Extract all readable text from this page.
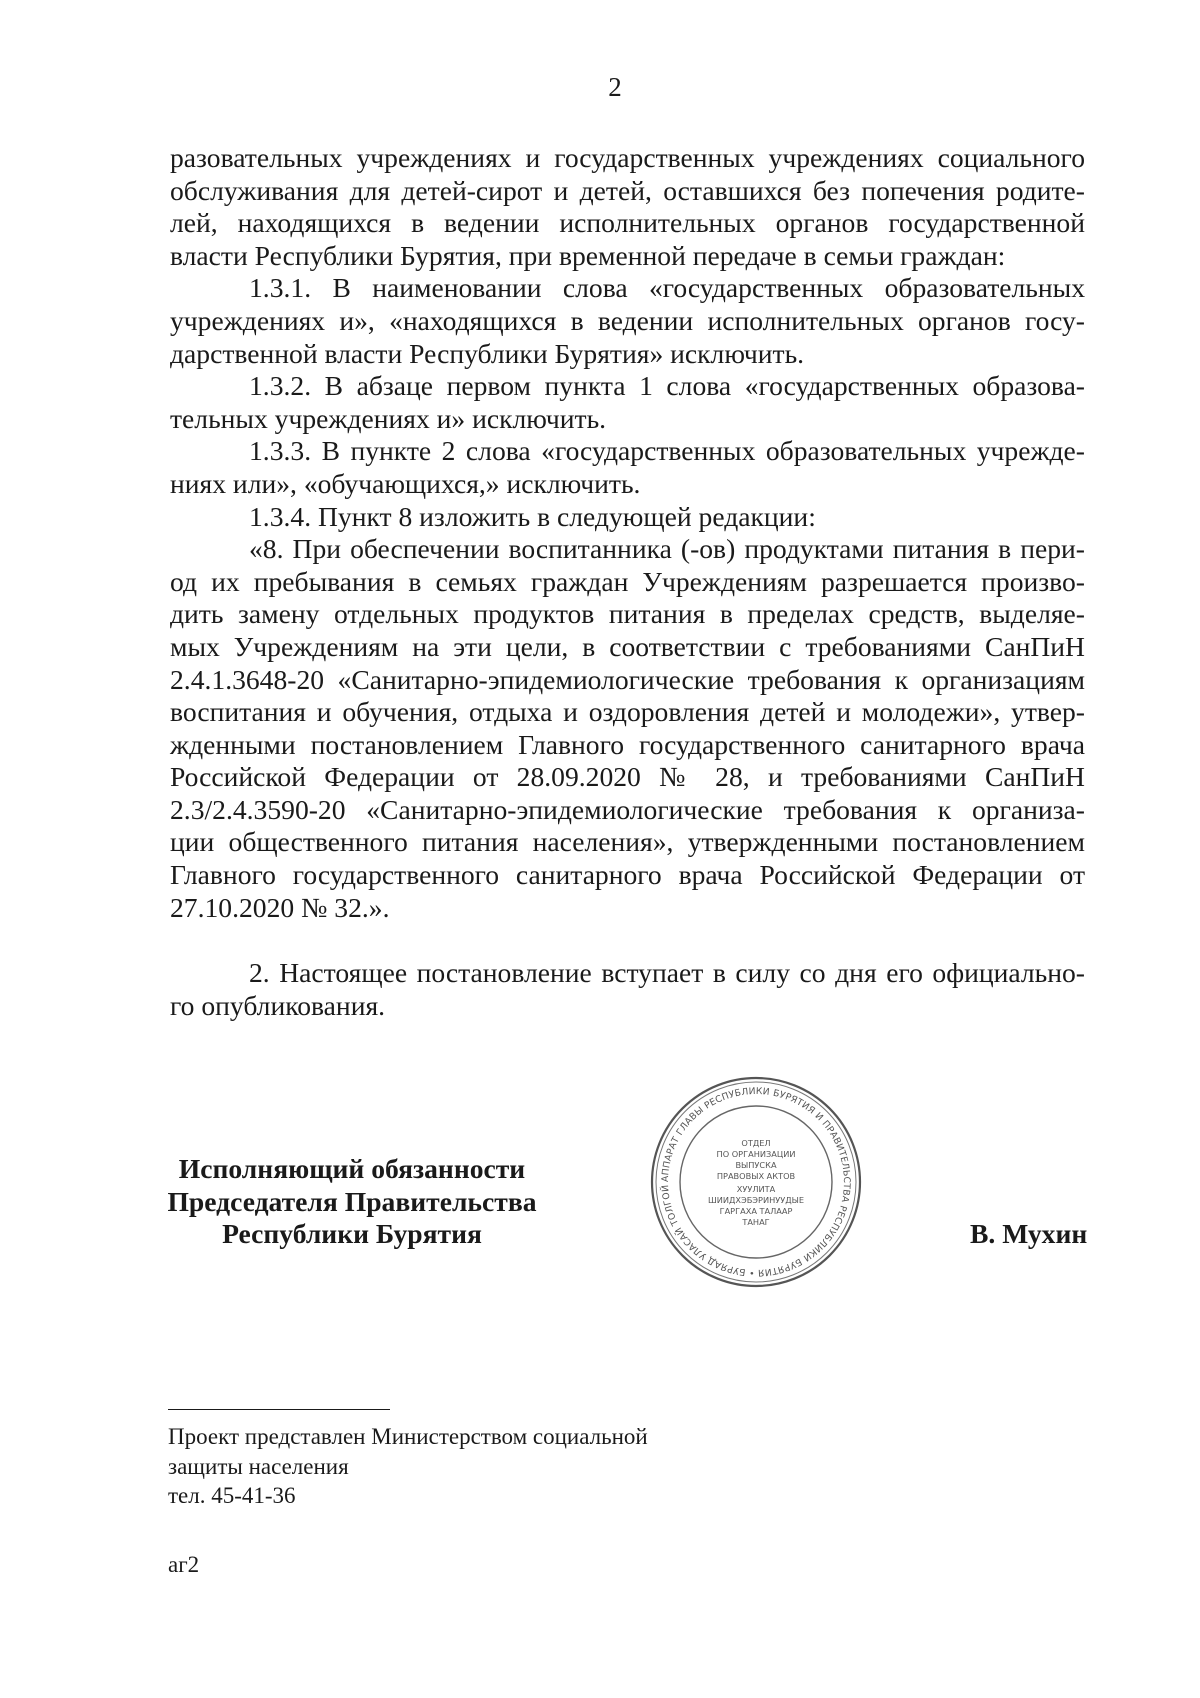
2

разовательных учреждениях и государственных учреждениях социального
обслуживания для детей-сирот и детей, оставшихся без попечения родите-
лей, находящихся в ведении исполнительных органов государственной
власти Республики Бурятия, при временной передаче в семьи граждан:

1.3.1. В наименовании слова «государственных образовательных
учреждениях и», «находящихся в ведении исполнительных органов госу-
дарственной власти Республики Бурятия» исключить.

1.3.2. В абзаце первом пункта 1 слова «государственных образова-
тельных учреждениях и» исключить.

1.3.3. В пункте 2 слова «государственных образовательных учрежде-
ниях или», «обучающихся,» исключить.

1.3.4. Пункт 8 изложить в следующей редакции:

«8. При обеспечении воспитанника (-ов) продуктами питания в пери-
од их пребывания в семьях граждан Учреждениям разрешается произво-
дить замену отдельных продуктов питания в пределах средств, выделяе-
мых Учреждениям на эти цели, в соответствии с требованиями СанПиН
2.4.1.3648-20 «Санитарно-эпидемиологические требования к организациям
воспитания и обучения, отдыха и оздоровления детей и молодежи», утвер-
жденными постановлением Главного государственного санитарного врача
Российской Федерации от 28.09.2020 № 28, и требованиями СанПиН
2.3/2.4.3590-20 «Санитарно-эпидемиологические требования к организа-
ции общественного питания населения», утвержденными постановлением
Главного государственного санитарного врача Российской Федерации от
27.10.2020 № 32.».

2. Настоящее постановление вступает в силу со дня его официально-
го опубликования.

Исполняющий обязанности
Председателя Правительства
Республики Бурятия
АППАРАТ ГЛАВЫ РЕСПУБЛИКИ БУРЯТИЯ И ПРАВИТЕЛЬСТВА РЕСПУБЛИКИ БУРЯТИЯ • БУРЯАД УЛАСАЙ ТОЛГОЙ
ОТДЕЛ
ПО ОРГАНИЗАЦИИ
ВЫПУСКА
ПРАВОВЫХ АКТОВ
ХУУЛИТА
ШИИДХЭБЭРИНУУДЫЕ
ГАРГАХА ТАЛААР
ТАНАГ	В. Мухин
Проект представлен Министерством социальной
защиты населения
тел. 45-41-36
аг2
